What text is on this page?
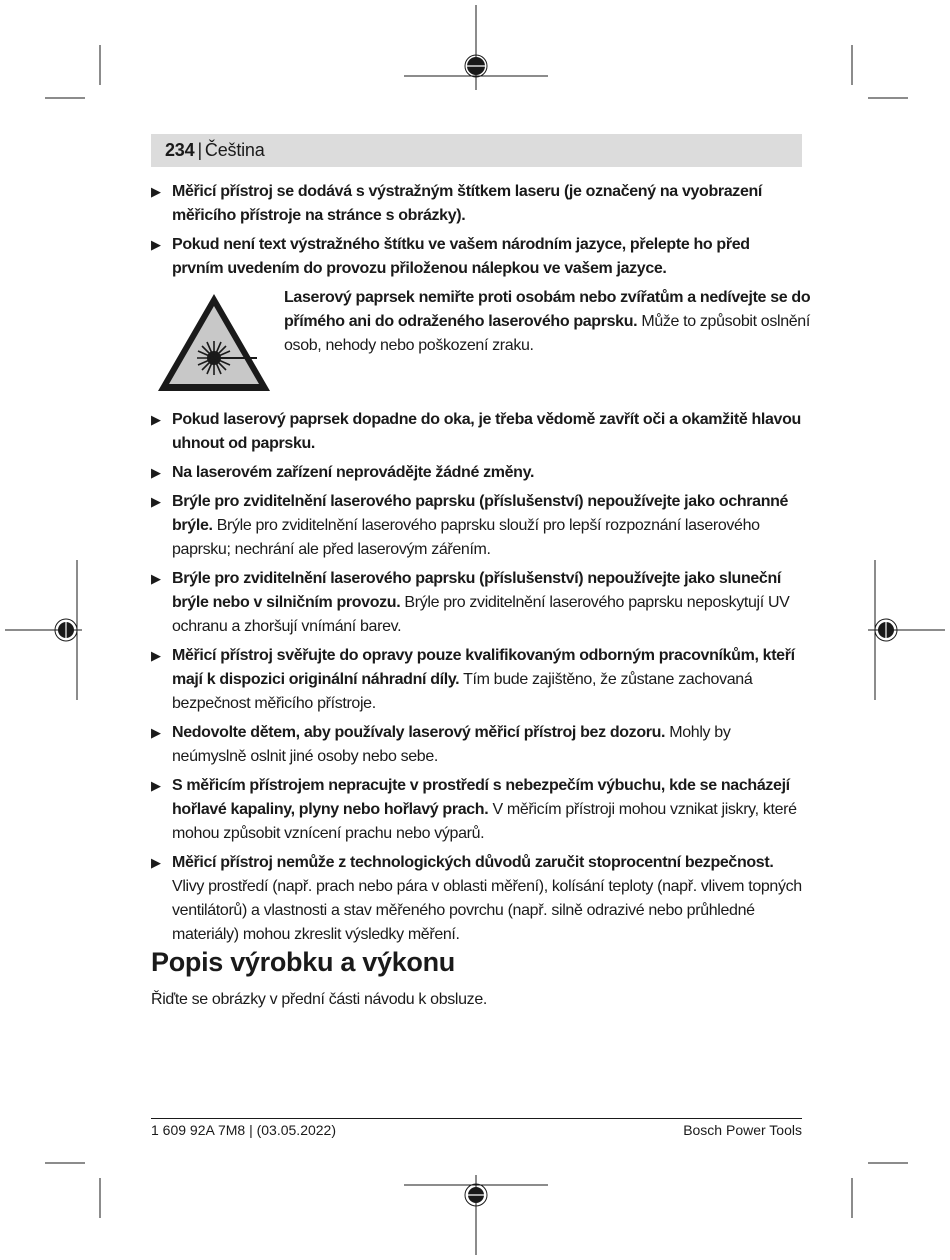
234 | Čeština
▶ Měřicí přístroj se dodává s výstražným štítkem laseru (je označený na vyobrazení měřicího přístroje na stránce s obrázky).
▶ Pokud není text výstražného štítku ve vašem národním jazyce, přelepte ho před prvním uvedením do provozu přiloženou nálepkou ve vašem jazyce.
Laserový paprsek nemiřte proti osobám nebo zvířatům a nedívejte se do přímého ani do odraženého laserového paprsku. Může to způsobit oslnění osob, nehody nebo poškození zraku.
▶ Pokud laserový paprsek dopadne do oka, je třeba vědomě zavřít oči a okamžitě hlavou uhnout od paprsku.
▶ Na laserovém zařízení neprovádějte žádné změny.
▶ Brýle pro zviditelnění laserového paprsku (příslušenství) nepoužívejte jako ochranné brýle. Brýle pro zviditelnění laserového paprsku slouží pro lepší rozpoznání laserového paprsku; nechrání ale před laserovým zářením.
▶ Brýle pro zviditelnění laserového paprsku (příslušenství) nepoužívejte jako sluneční brýle nebo v silničním provozu. Brýle pro zviditelnění laserového paprsku neposkytují UV ochranu a zhoršují vnímání barev.
▶ Měřicí přístroj svěřujte do opravy pouze kvalifikovaným odborným pracovníkům, kteří mají k dispozici originální náhradní díly. Tím bude zajištěno, že zůstane zachovaná bezpečnost měřicího přístroje.
▶ Nedovolte dětem, aby používaly laserový měřicí přístroj bez dozoru. Mohly by neúmyslně oslnit jiné osoby nebo sebe.
▶ S měřicím přístrojem nepracujte v prostředí s nebezpečím výbuchu, kde se nacházejí hořlavé kapaliny, plyny nebo hořlavý prach. V měřicím přístroji mohou vznikat jiskry, které mohou způsobit vznícení prachu nebo výparů.
▶ Měřicí přístroj nemůže z technologických důvodů zaručit stoprocentní bezpečnost. Vlivy prostředí (např. prach nebo pára v oblasti měření), kolísání teploty (např. vlivem topných ventilátorů) a vlastnosti a stav měřeného povrchu (např. silně odrazivé nebo průhledné materiály) mohou zkreslit výsledky měření.
Popis výrobku a výkonu
Řiďte se obrázky v přední části návodu k obsluze.
1 609 92A 7M8 | (03.05.2022)	Bosch Power Tools
